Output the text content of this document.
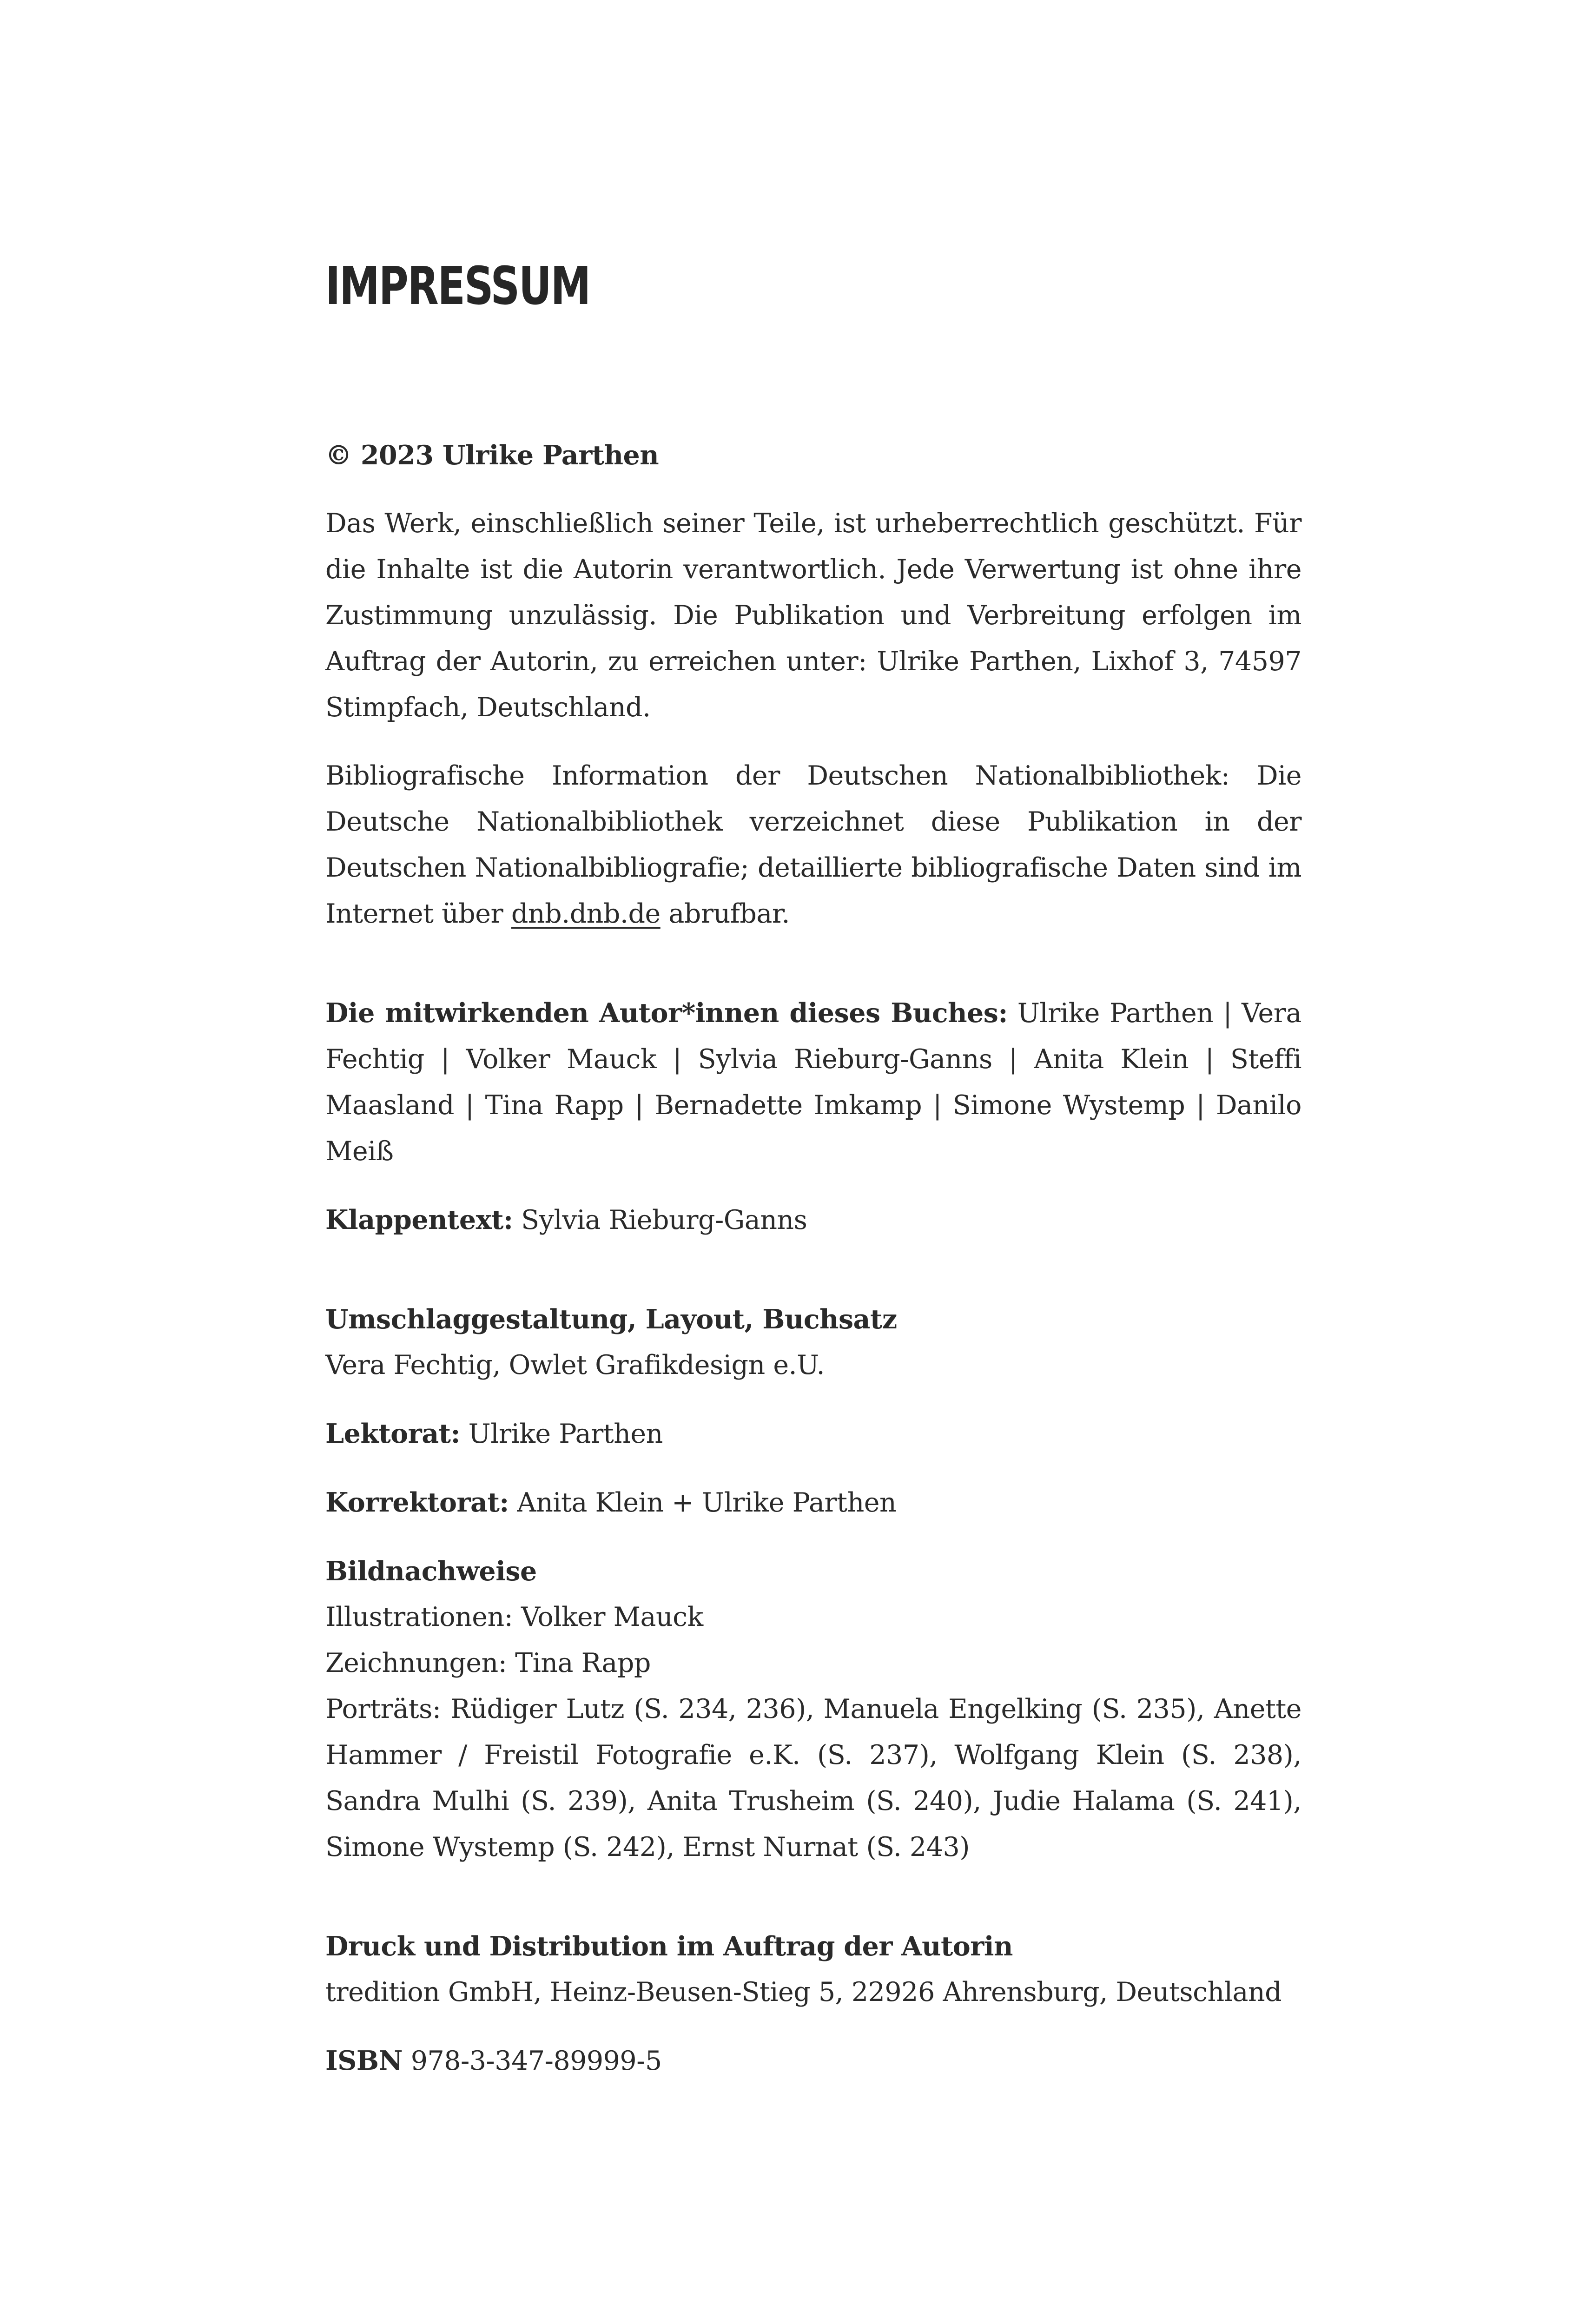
IMPRESSUM

© 2023 Ulrike Parthen

Das Werk, einschließlich seiner Teile, ist urheberrechtlich geschützt. Für die Inhalte ist die Autorin verantwortlich. Jede Verwertung ist ohne ihre Zustimmung unzulässig. Die Publikation und Verbreitung erfolgen im Auftrag der Autorin, zu erreichen unter: Ulrike Parthen, Lixhof 3, 74597 Stimpfach, Deutschland.

Bibliografische Information der Deutschen Nationalbibliothek: Die Deutsche Nationalbibliothek verzeichnet diese Publikation in der Deutschen Nationalbibliografie; detaillierte bibliografische Daten sind im Internet über dnb.dnb.de abrufbar.

Die mitwirkenden Autor*innen dieses Buches: Ulrike Parthen | Vera Fechtig | Volker Mauck | Sylvia Rieburg-Ganns | Anita Klein | Steffi Maasland | Tina Rapp | Bernadette Imkamp | Simone Wystemp | Danilo Meiß

Klappentext: Sylvia Rieburg-Ganns

Umschlaggestaltung, Layout, Buchsatz

Vera Fechtig, Owlet Grafikdesign e.U.

Lektorat: Ulrike Parthen

Korrektorat: Anita Klein + Ulrike Parthen

Bildnachweise

Illustrationen: Volker Mauck

Zeichnungen: Tina Rapp

Porträts: Rüdiger Lutz (S. 234, 236), Manuela Engelking (S. 235), Anette Hammer / Freistil Fotografie e.K. (S. 237), Wolfgang Klein (S. 238), Sandra Mulhi (S. 239), Anita Trusheim (S. 240), Judie Halama (S. 241), Simone Wystemp (S. 242), Ernst Nurnat (S. 243)

Druck und Distribution im Auftrag der Autorin

tredition GmbH, Heinz-Beusen-Stieg 5, 22926 Ahrensburg, Deutschland

ISBN 978-3-347-89999-5
